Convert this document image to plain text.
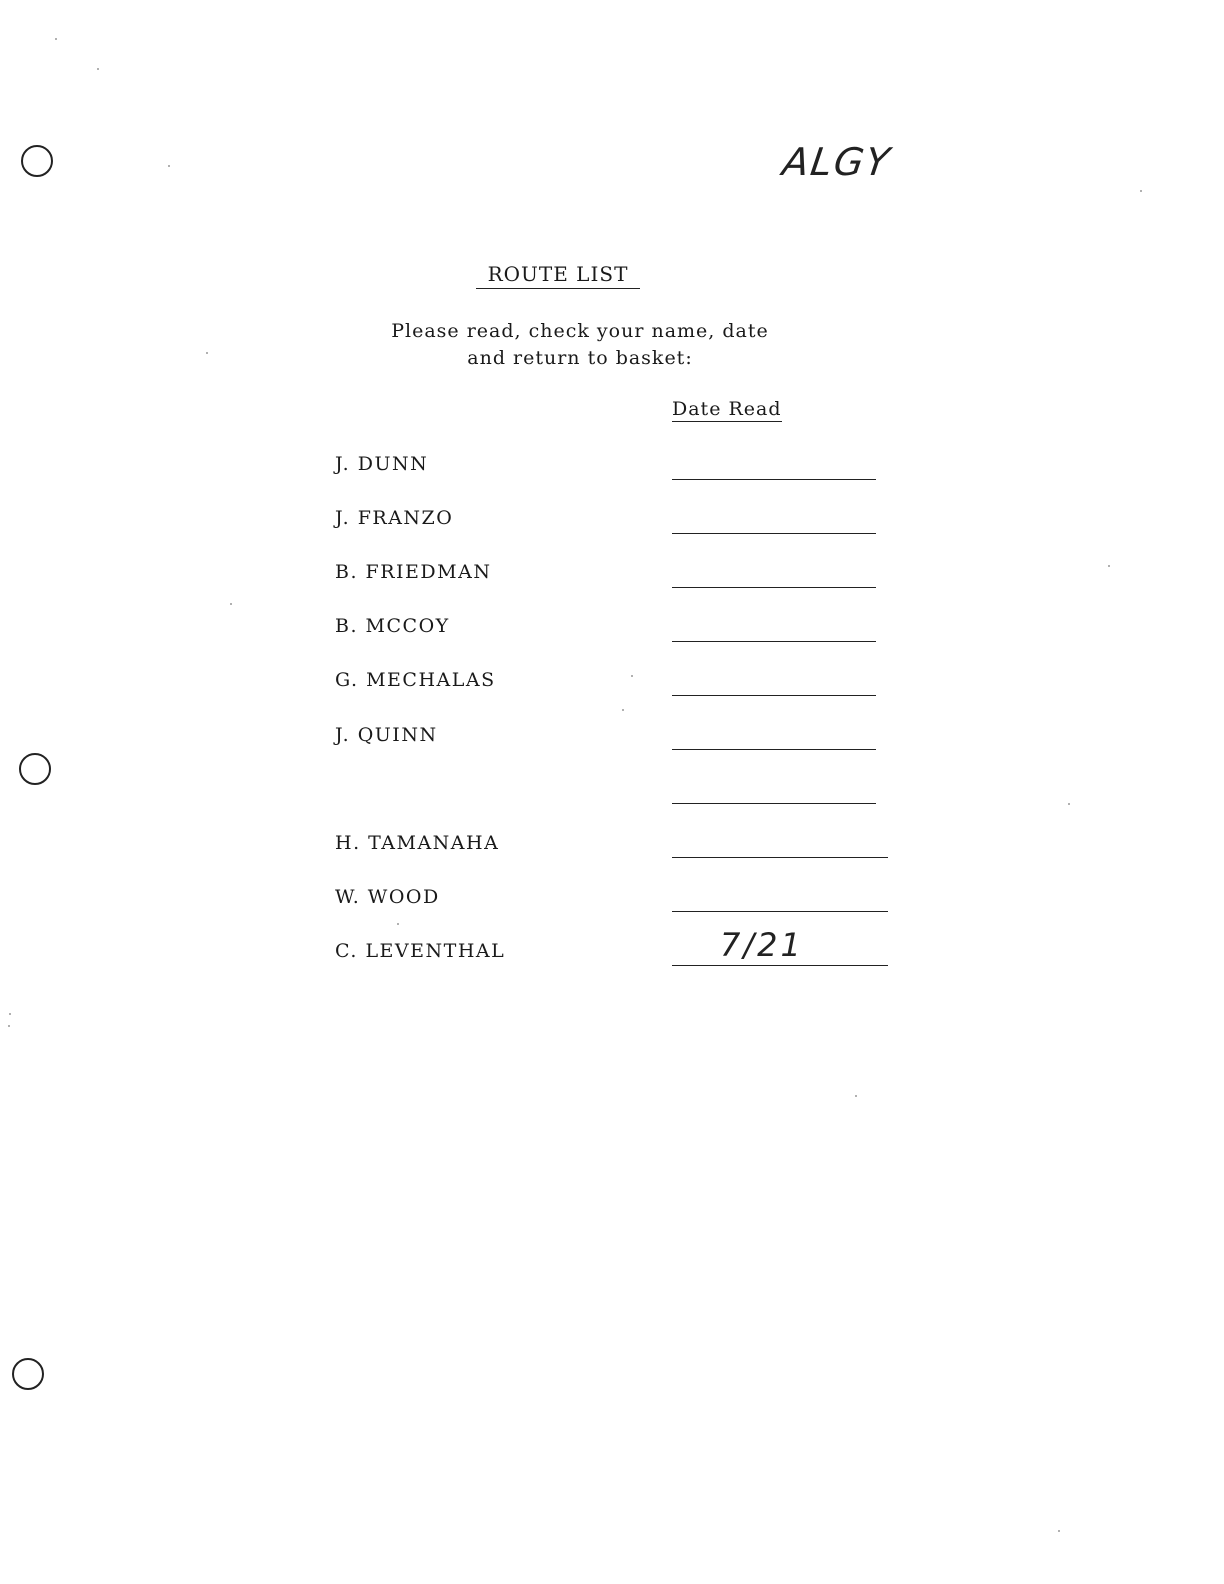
ALGY
ROUTE LIST
Please read, check your name, date
and return to basket:
Date Read
J. DUNN
J. FRANZO
B. FRIEDMAN
B. MCCOY
G. MECHALAS
J. QUINN
H. TAMANAHA
W. WOOD
C. LEVENTHAL	7/21
